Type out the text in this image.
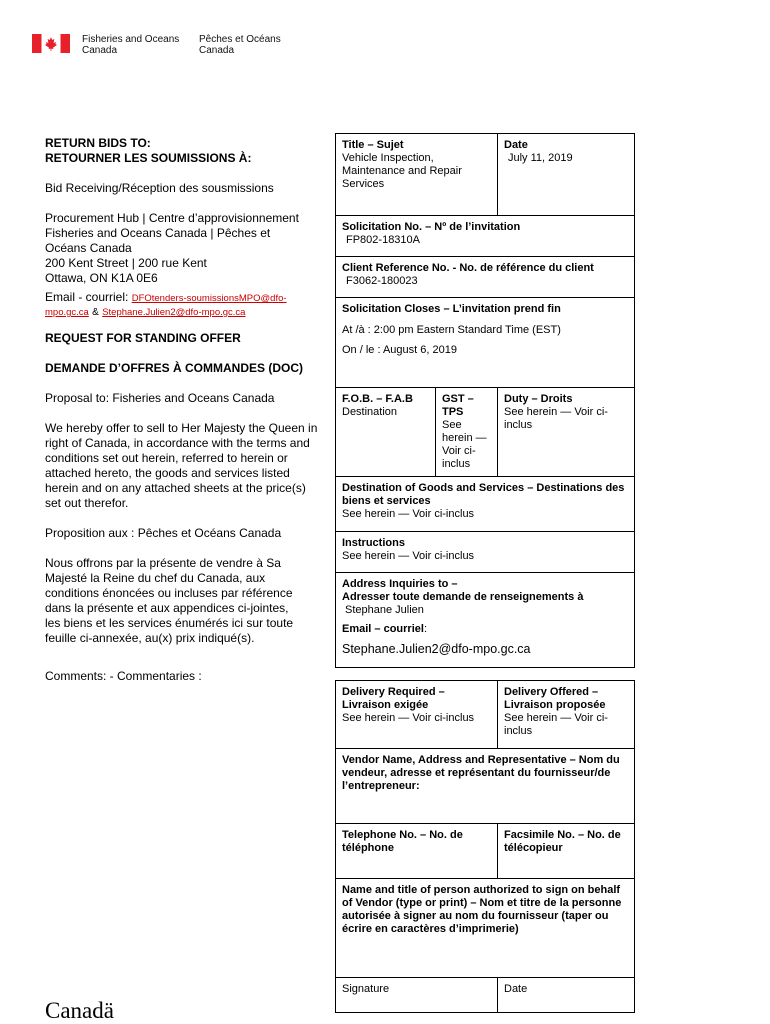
Fisheries and Oceans
Canada
Pêches et Océans
Canada
RETURN BIDS TO:
RETOURNER LES SOUMISSIONS À:
Bid Receiving/Réception des sousmissions
Procurement Hub | Centre d’approvisionnement
Fisheries and Oceans Canada | Pêches et
Océans Canada
200 Kent Street | 200 rue Kent
Ottawa, ON K1A 0E6
Email - courriel: DFOtenders-soumissionsMPO@dfo-
mpo.gc.ca & Stephane.Julien2@dfo-mpo.gc.ca
REQUEST FOR STANDING OFFER
DEMANDE D’OFFRES À COMMANDES (DOC)
Proposal to: Fisheries and Oceans Canada
We hereby offer to sell to Her Majesty the Queen in right of Canada, in accordance with the terms and conditions set out herein, referred to herein or attached hereto, the goods and services listed herein and on any attached sheets at the price(s) set out therefor.
Proposition aux : Pêches et Océans Canada
Nous offrons par la présente de vendre à Sa Majesté la Reine du chef du Canada, aux conditions énoncées ou incluses par référence dans la présente et aux appendices ci-jointes, les biens et les services énumérés ici sur toute feuille ci-annexée, au(x) prix indiqué(s).
Comments: - Commentaries :
Title – Sujet
Vehicle Inspection, Maintenance and Repair Services
Date
July 11, 2019
Solicitation No. – Nº de l’invitation
FP802-18310A
Client Reference No. - No. de référence du client
F3062-180023
Solicitation Closes – L’invitation prend fin
At /à : 2:00 pm Eastern Standard Time (EST)
On / le : August 6, 2019
F.O.B. – F.A.B
Destination
GST –
TPS
See herein — Voir ci-inclus
Duty – Droits
See herein — Voir ci-inclus
Destination of Goods and Services – Destinations des biens et services
See herein — Voir ci-inclus
Instructions
See herein — Voir ci-inclus
Address Inquiries to –
Adresser toute demande de renseignements à
Stephane Julien
Email – courriel:
Stephane.Julien2@dfo-mpo.gc.ca
Delivery Required – Livraison exigée
See herein — Voir ci-inclus
Delivery Offered – Livraison proposée
See herein — Voir ci-inclus
Vendor Name, Address and Representative – Nom du vendeur, adresse et représentant du fournisseur/de l’entrepreneur:
Telephone No. – No. de téléphone
Facsimile No. – No. de télécopieur
Name and title of person authorized to sign on behalf of Vendor (type or print) – Nom et titre de la personne autorisée à signer au nom du fournisseur (taper ou écrire en caractères d’imprimerie)
Signature	Date
Canadä
